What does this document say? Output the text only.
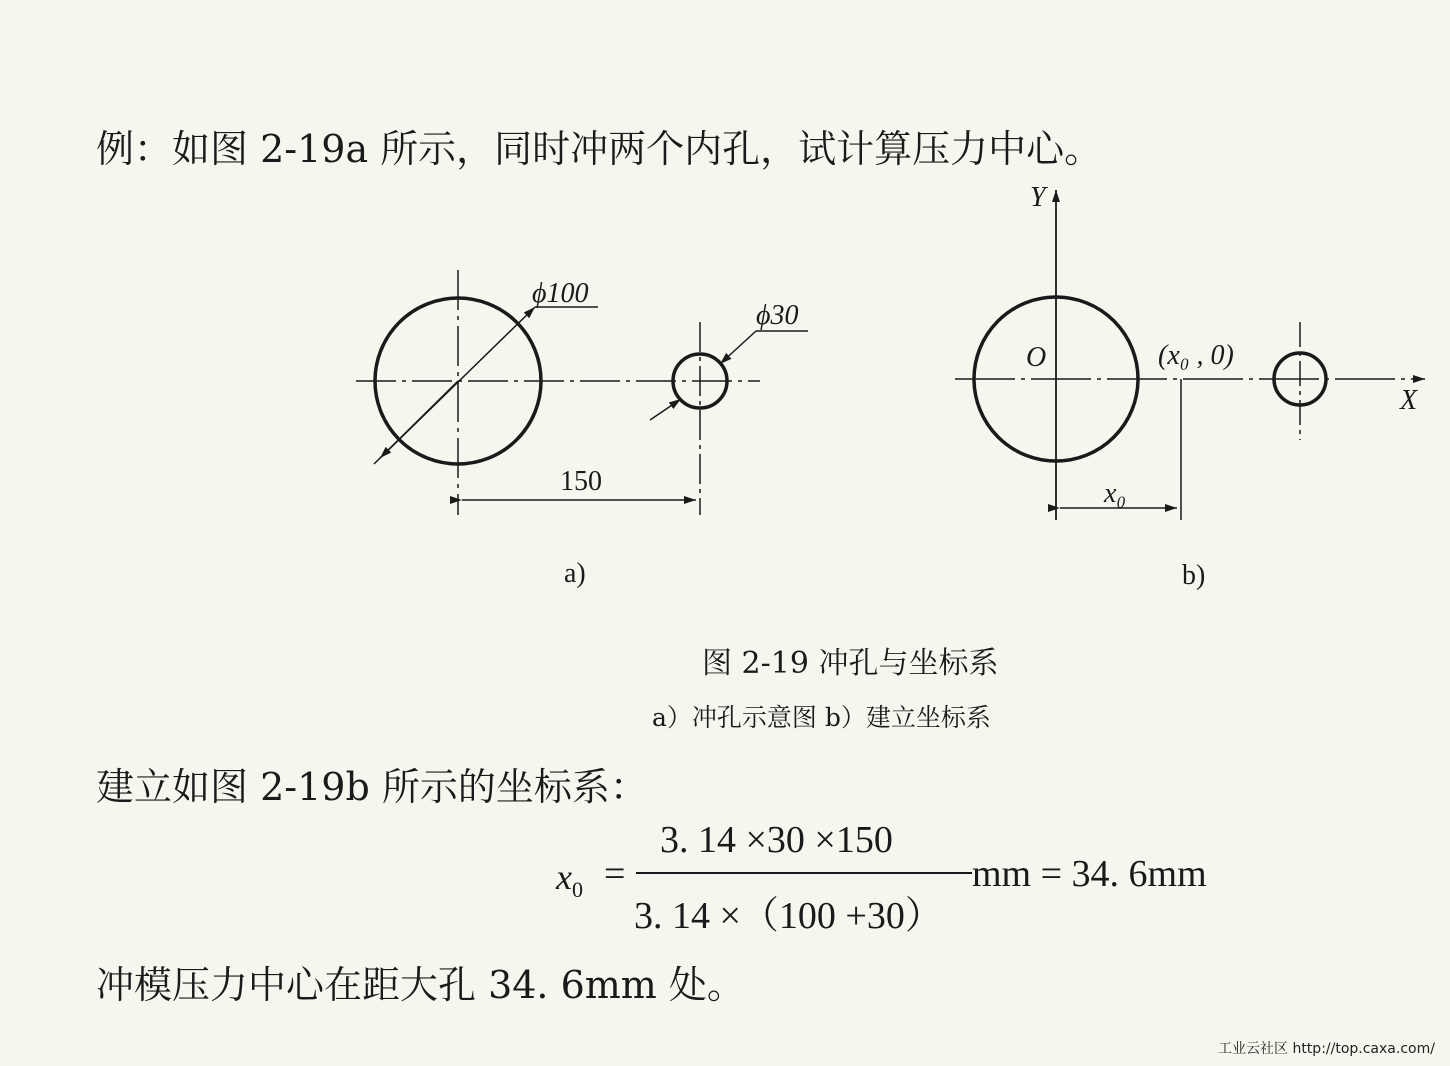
例：如图 2-19a 所示，同时冲两个内孔，试计算压力中心。
ϕ100
ϕ30
150
a)
Y
X
O	(x₀ , 0)
x₀
b)
图 2-19 冲孔与坐标系
a）冲孔示意图 b）建立坐标系
建立如图 2-19b 所示的坐标系：
$x_0$ =
3. 14 ×30 ×150
3. 14 ×（100 +30）
mm = 34. 6mm
冲模压力中心在距大孔 34. 6mm 处。
工业云社区 http://top.caxa.com/
